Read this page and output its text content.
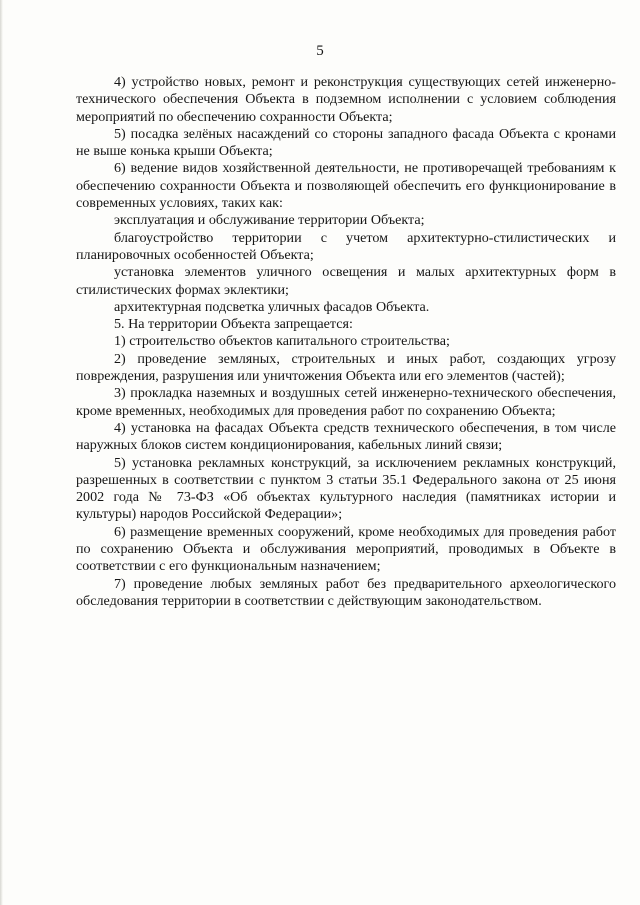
5

4) устройство новых, ремонт и реконструкция существующих сетей инженерно-технического обеспечения Объекта в подземном исполнении с условием соблюдения мероприятий по обеспечению сохранности Объекта;

5) посадка зелёных насаждений со стороны западного фасада Объекта с кронами не выше конька крыши Объекта;

6) ведение видов хозяйственной деятельности, не противоречащей требованиям к обеспечению сохранности Объекта и позволяющей обеспечить его функционирование в современных условиях, таких как:

эксплуатация и обслуживание территории Объекта;

благоустройство территории с учетом архитектурно-стилистических и планировочных особенностей Объекта;

установка элементов уличного освещения и малых архитектурных форм в стилистических формах эклектики;

архитектурная подсветка уличных фасадов Объекта.

5. На территории Объекта запрещается:

1) строительство объектов капитального строительства;

2) проведение земляных, строительных и иных работ, создающих угрозу повреждения, разрушения или уничтожения Объекта или его элементов (частей);

3) прокладка наземных и воздушных сетей инженерно-технического обеспечения, кроме временных, необходимых для проведения работ по сохранению Объекта;

4) установка на фасадах Объекта средств технического обеспечения, в том числе наружных блоков систем кондиционирования, кабельных линий связи;

5) установка рекламных конструкций, за исключением рекламных конструкций, разрешенных в соответствии с пунктом 3 статьи 35.1 Федерального закона от 25 июня 2002 года № 73-ФЗ «Об объектах культурного наследия (памятниках истории и культуры) народов Российской Федерации»;

6) размещение временных сооружений, кроме необходимых для проведения работ по сохранению Объекта и обслуживания мероприятий, проводимых в Объекте в соответствии с его функциональным назначением;

7) проведение любых земляных работ без предварительного археологического обследования территории в соответствии с действующим законодательством.
